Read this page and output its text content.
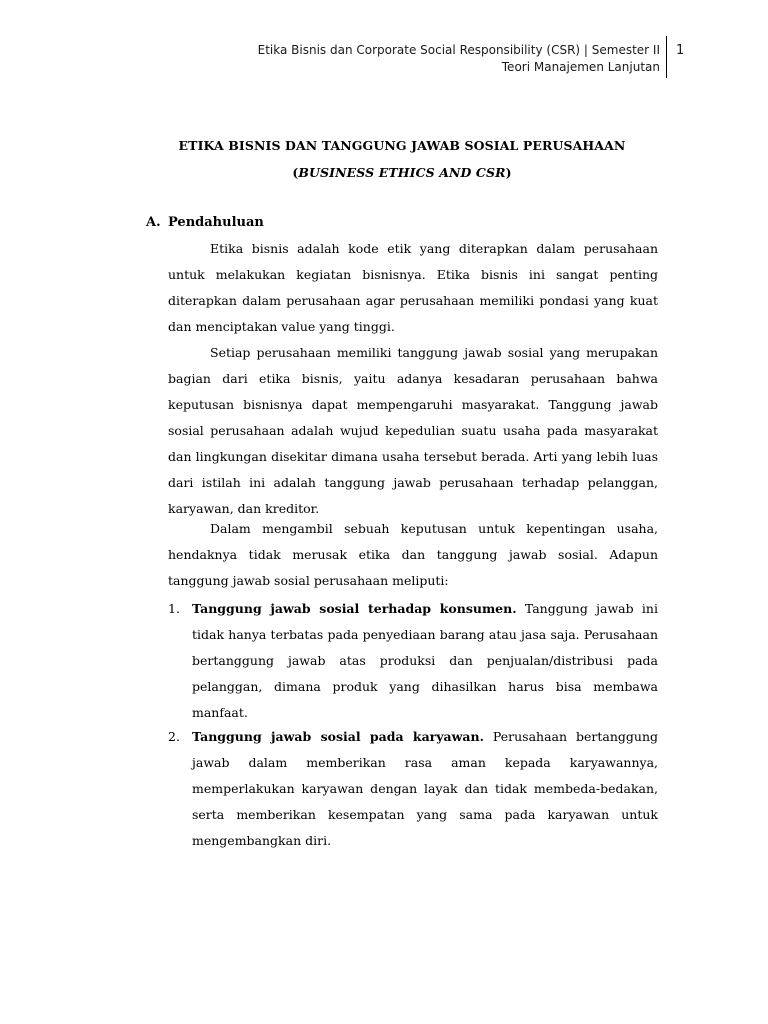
Etika Bisnis dan Corporate Social Responsibility (CSR) | Semester II
Teori Manajemen Lanjutan
1
ETIKA BISNIS DAN TANGGUNG JAWAB SOSIAL PERUSAHAAN
(BUSINESS ETHICS AND CSR)
A. Pendahuluan
Etika bisnis adalah kode etik yang diterapkan dalam perusahaan untuk melakukan kegiatan bisnisnya. Etika bisnis ini sangat penting diterapkan dalam perusahaan agar perusahaan memiliki pondasi yang kuat dan menciptakan value yang tinggi.
Setiap perusahaan memiliki tanggung jawab sosial yang merupakan bagian dari etika bisnis, yaitu adanya kesadaran perusahaan bahwa keputusan bisnisnya dapat mempengaruhi masyarakat. Tanggung jawab sosial perusahaan adalah wujud kepedulian suatu usaha pada masyarakat dan lingkungan disekitar dimana usaha tersebut berada. Arti yang lebih luas dari istilah ini adalah tanggung jawab perusahaan terhadap pelanggan, karyawan, dan kreditor.
Dalam mengambil sebuah keputusan untuk kepentingan usaha, hendaknya tidak merusak etika dan tanggung jawab sosial. Adapun tanggung jawab sosial perusahaan meliputi:
1. Tanggung jawab sosial terhadap konsumen. Tanggung jawab ini tidak hanya terbatas pada penyediaan barang atau jasa saja. Perusahaan bertanggung jawab atas produksi dan penjualan/distribusi pada pelanggan, dimana produk yang dihasilkan harus bisa membawa manfaat.
2. Tanggung jawab sosial pada karyawan. Perusahaan bertanggung jawab dalam memberikan rasa aman kepada karyawannya, memperlakukan karyawan dengan layak dan tidak membeda-bedakan, serta memberikan kesempatan yang sama pada karyawan untuk mengembangkan diri.
